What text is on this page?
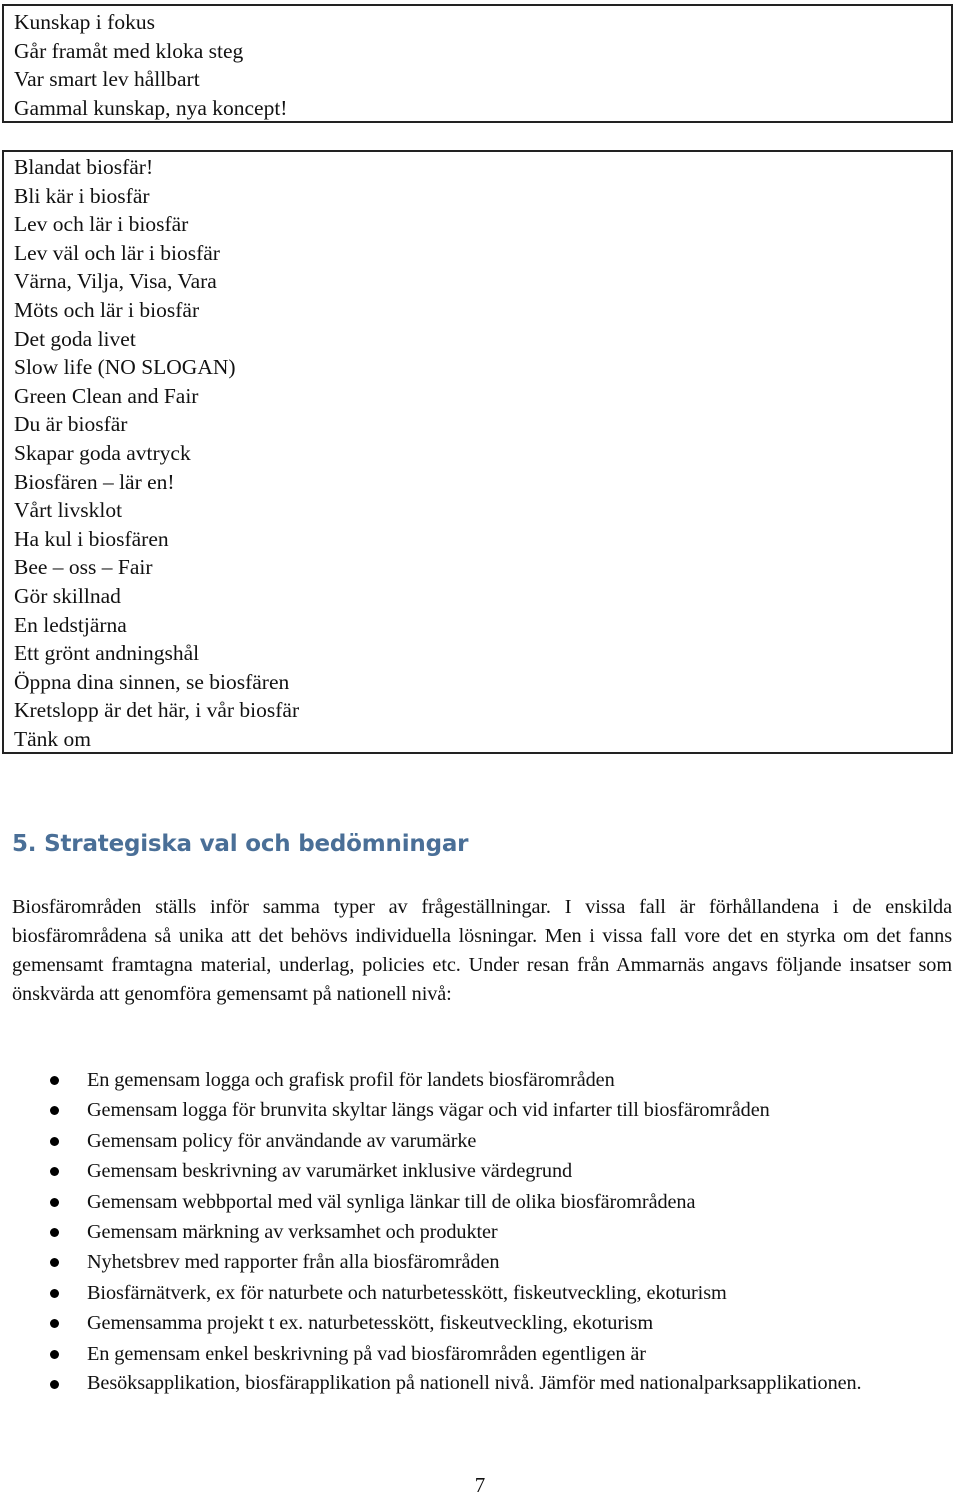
Kunskap i fokus
Går framåt med kloka steg
Var smart lev hållbart
Gammal kunskap, nya koncept!
Blandat biosfär!
Bli kär i biosfär
Lev och lär i biosfär
Lev väl och lär i biosfär
Värna, Vilja, Visa, Vara
Möts och lär i biosfär
Det goda livet
Slow life (NO SLOGAN)
Green Clean and Fair
Du är biosfär
Skapar goda avtryck
Biosfären – lär en!
Vårt livsklot
Ha kul i biosfären
Bee – oss – Fair
Gör skillnad
En ledstjärna
Ett grönt andningshål
Öppna dina sinnen, se biosfären
Kretslopp är det här, i vår biosfär
Tänk om
5. Strategiska val och bedömningar

Biosfärområden ställs inför samma typer av frågeställningar. I vissa fall är förhållandena i de enskilda biosfärområdena så unika att det behövs individuella lösningar. Men i vissa fall vore det en styrka om det fanns gemensamt framtagna material, underlag, policies etc. Under resan från Ammarnäs angavs följande insatser som önskvärda att genomföra gemensamt på nationell nivå:

En gemensam logga och grafisk profil för landets biosfärområden
Gemensam logga för brunvita skyltar längs vägar och vid infarter till biosfärområden
Gemensam policy för användande av varumärke
Gemensam beskrivning av varumärket inklusive värdegrund
Gemensam webbportal med väl synliga länkar till de olika biosfärområdena
Gemensam märkning av verksamhet och produkter
Nyhetsbrev med rapporter från alla biosfärområden
Biosfärnätverk, ex för naturbete och naturbetesskött, fiskeutveckling, ekoturism
Gemensamma projekt t ex. naturbetesskött, fiskeutveckling, ekoturism
En gemensam enkel beskrivning på vad biosfärområden egentligen är
Besöksapplikation, biosfärapplikation på nationell nivå. Jämför med nationalparksapplikationen.
7
